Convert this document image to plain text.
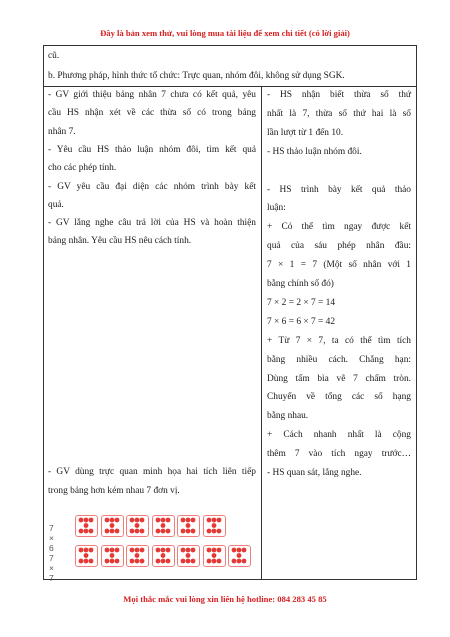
Đây là bản xem thử, vui lòng mua tài liệu để xem chi tiết (có lời giải)
cũ.
b. Phương pháp, hình thức tổ chức: Trực quan, nhóm đôi, không sử dụng SGK.
- GV giới thiệu bảng nhân 7 chưa có kết quả, yêu
cầu HS nhận xét về các thừa số có trong bảng
nhân 7.
- Yêu cầu HS thảo luận nhóm đôi, tìm kết quả
cho các phép tính.
- GV yêu cầu đại diện các nhóm trình bày kết
quả.
- GV lắng nghe câu trả lời của HS và hoàn thiện
bảng nhân. Yêu cầu HS nêu cách tính.
- GV dùng trực quan minh họa hai tích liên tiếp
trong bảng hơn kém nhau 7 đơn vị.
- HS nhận biết thừa số thứ
nhất là 7, thừa số thứ hai là số
lần lượt từ 1 đến 10.
- HS thảo luận nhóm đôi.
- HS trình bày kết quả thảo
luận:
+ Có thể tìm ngay được kết
quả của sáu phép nhân đầu:
7 × 1 = 7 (Một số nhân với 1
bằng chính số đó)
7 × 2 = 2 × 7 = 14
7 × 6 = 6 × 7 = 42
+ Từ 7 × 7, ta có thể tìm tích
bằng nhiều cách. Chẳng hạn:
Dùng tấm bìa vẽ 7 chấm tròn.
Chuyển về tổng các số hạng
bằng nhau.
+ Cách nhanh nhất là cộng
thêm 7 vào tích ngay trước…
- HS quan sát, lắng nghe.
7 × 6
7 × 7
Mọi thắc mắc vui lòng xin liên hệ hotline: 084 283 45 85
